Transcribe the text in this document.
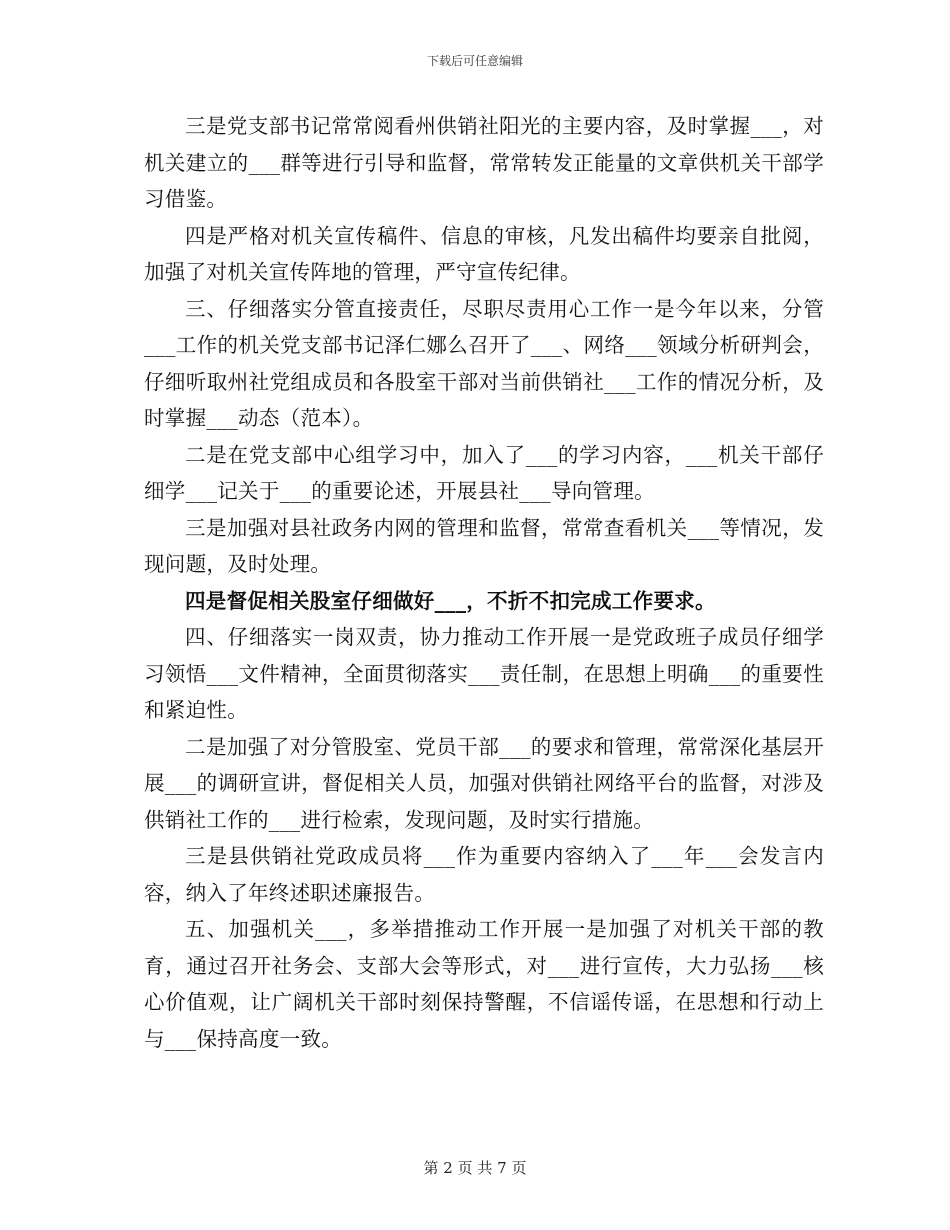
下载后可任意编辑

三是党支部书记常常阅看州供销社阳光的主要内容，及时掌握___，对机关建立的___群等进行引导和监督，常常转发正能量的文章供机关干部学习借鉴。

四是严格对机关宣传稿件、信息的审核，凡发出稿件均要亲自批阅，加强了对机关宣传阵地的管理，严守宣传纪律。

三、仔细落实分管直接责任，尽职尽责用心工作一是今年以来，分管___工作的机关党支部书记泽仁娜么召开了___、网络___领域分析研判会，仔细听取州社党组成员和各股室干部对当前供销社___工作的情况分析，及时掌握___动态（范本）。

二是在党支部中心组学习中，加入了___的学习内容，___机关干部仔细学___记关于___的重要论述，开展县社___导向管理。

三是加强对县社政务内网的管理和监督，常常查看机关___等情况，发现问题，及时处理。

四是督促相关股室仔细做好___，不折不扣完成工作要求。

四、仔细落实一岗双责，协力推动工作开展一是党政班子成员仔细学习领悟___文件精神，全面贯彻落实___责任制，在思想上明确___的重要性和紧迫性。

二是加强了对分管股室、党员干部___的要求和管理，常常深化基层开展___的调研宣讲，督促相关人员，加强对供销社网络平台的监督，对涉及供销社工作的___进行检索，发现问题，及时实行措施。

三是县供销社党政成员将___作为重要内容纳入了___年___会发言内容，纳入了年终述职述廉报告。

五、加强机关___，多举措推动工作开展一是加强了对机关干部的教育，通过召开社务会、支部大会等形式，对___进行宣传，大力弘扬___核心价值观，让广阔机关干部时刻保持警醒，不信谣传谣，在思想和行动上与___保持高度一致。

第 2 页 共 7 页
